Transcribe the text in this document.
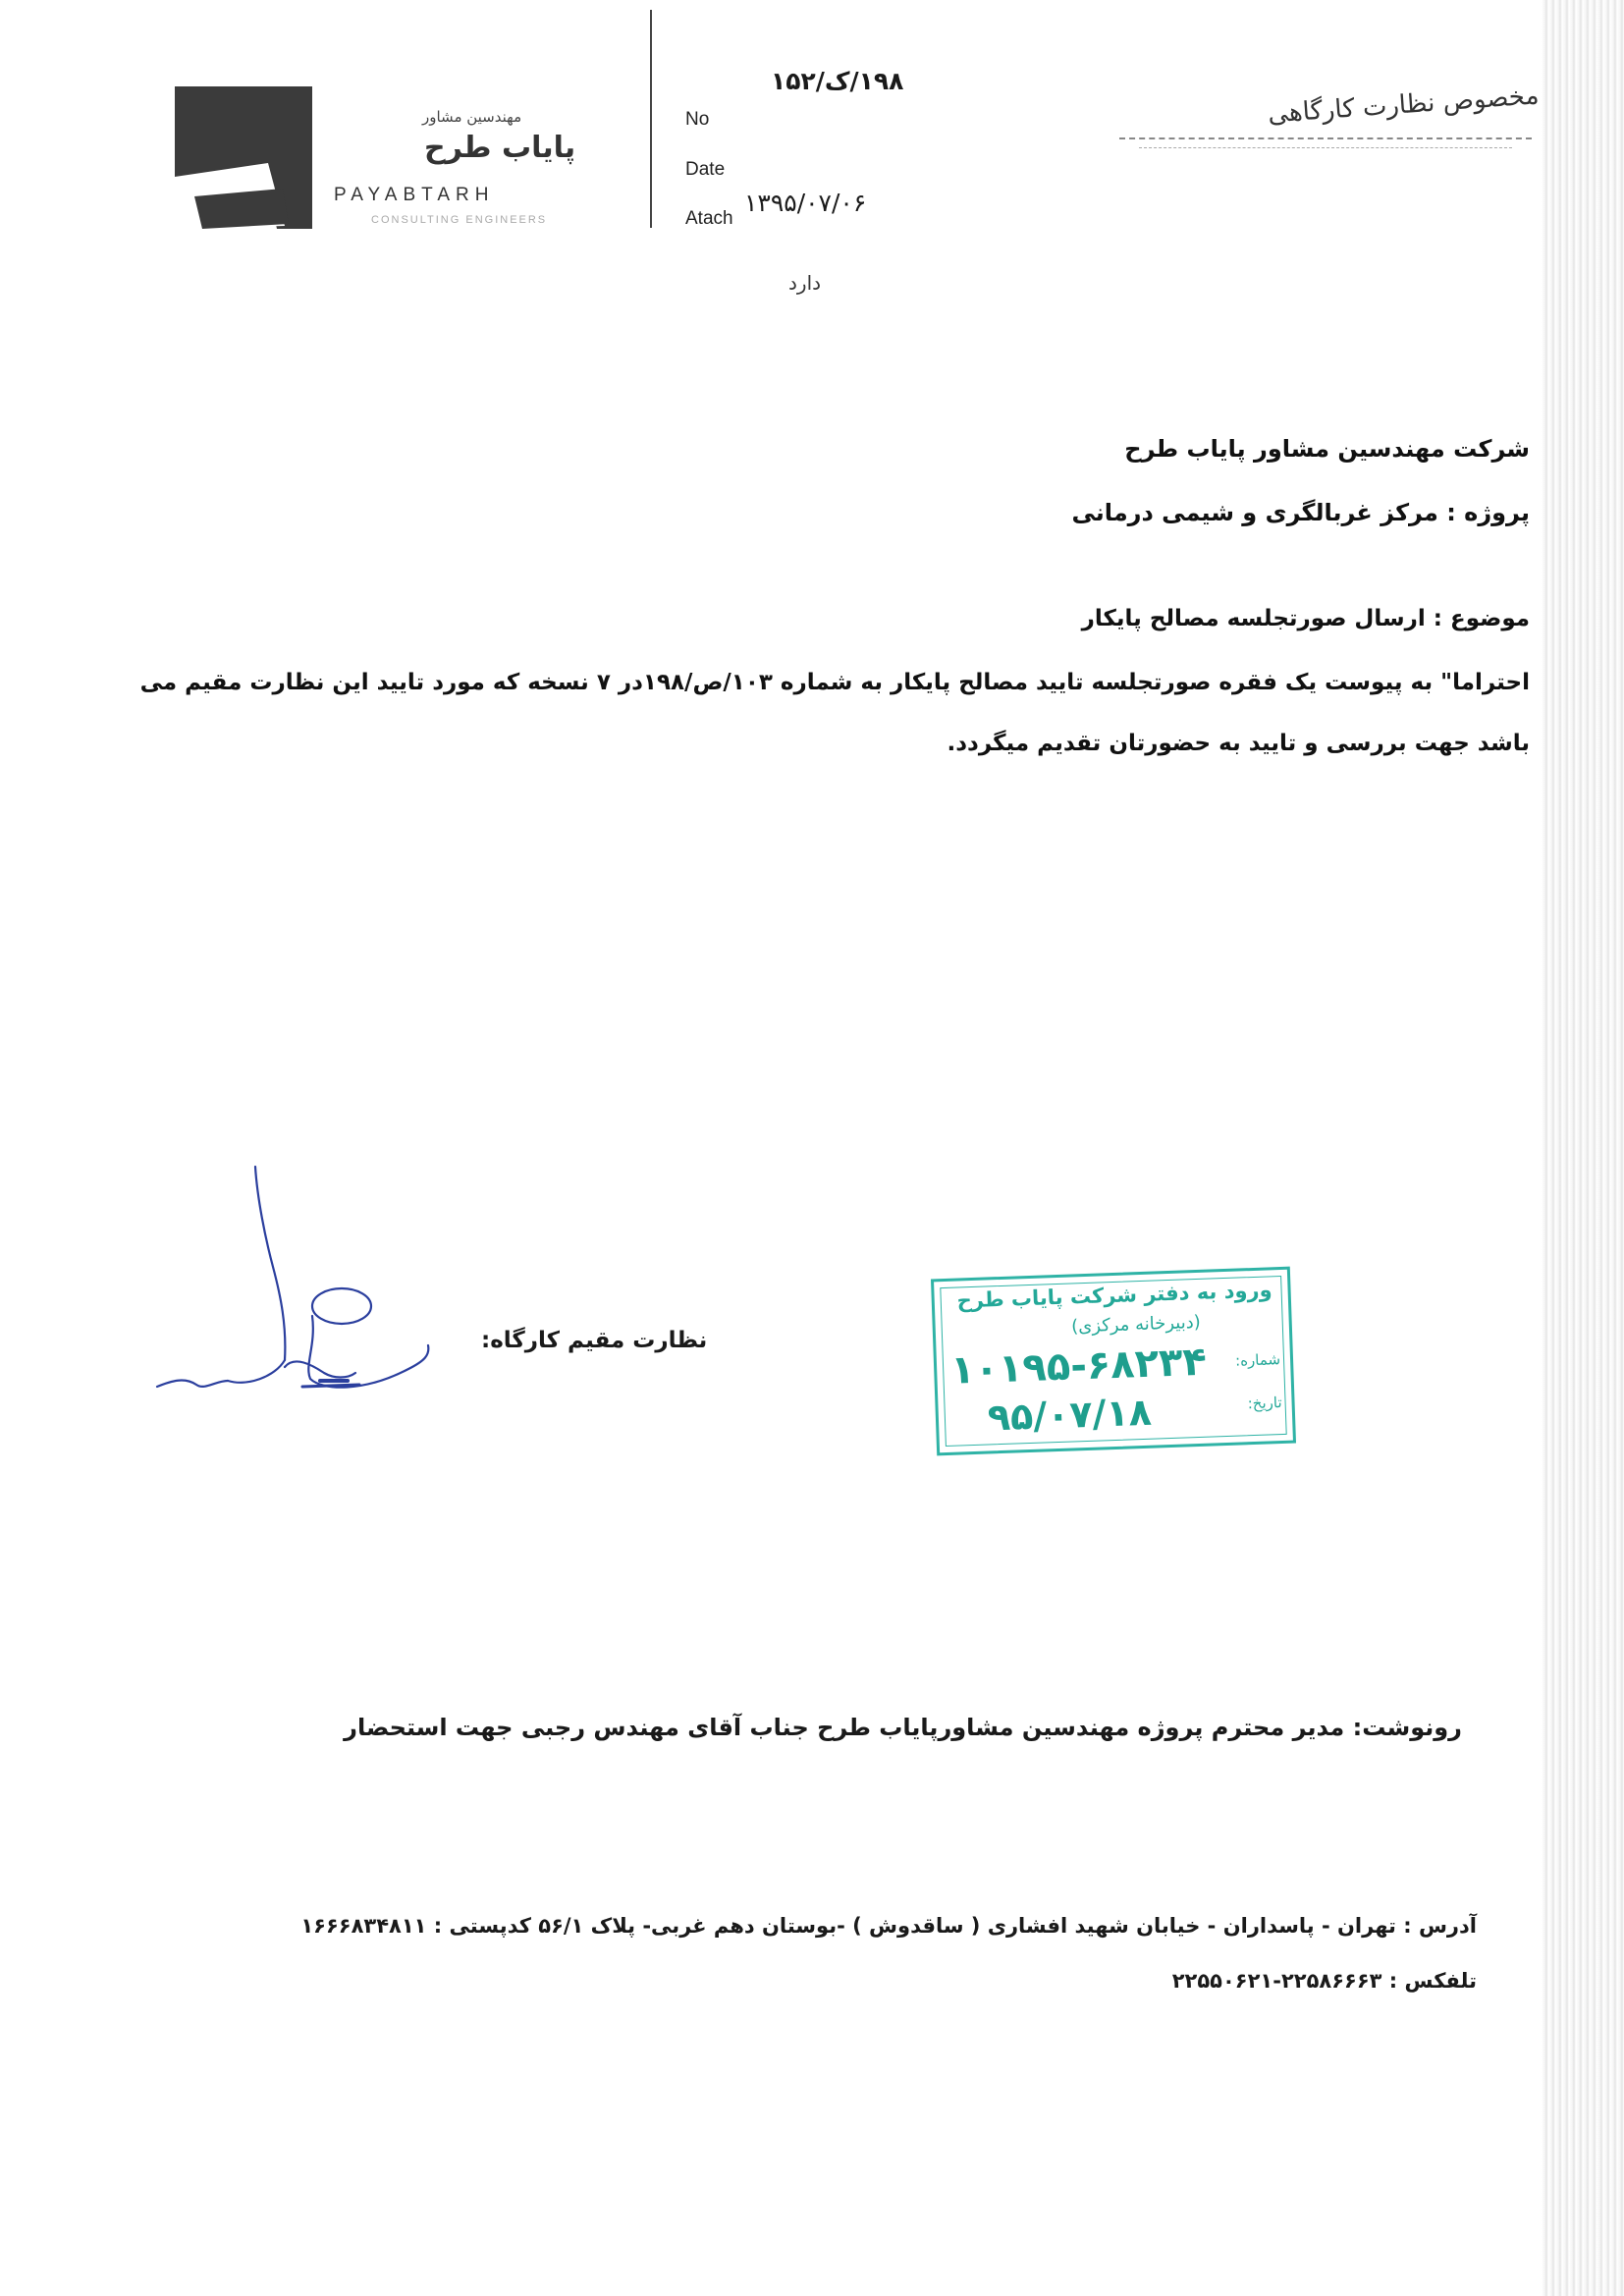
مهندسین مشاور
پایاب طرح
PAYABTARH
CONSULTING ENGINEERS
No
Date
Atach
۱۹۸/ک/۱۵۲
۱۳۹۵/۰۷/۰۶
دارد
مخصوص نظارت کارگاهی
شرکت مهندسین مشاور پایاب طرح
پروژه : مرکز غربالگری و شیمی درمانی
موضوع : ارسال صورتجلسه مصالح پایکار
احتراما" به پیوست یک فقره صورتجلسه تایید مصالح پایکار به شماره ۱۰۳/ص/۱۹۸در ۷ نسخه که مورد تایید این نظارت مقیم می
باشد جهت بررسی و تایید به حضورتان تقدیم میگردد.
نظارت مقیم کارگاه:
ورود به دفتر شرکت پایاب طرح
(دبیرخانه مرکزی)
شماره:
تاریخ:
۱۰۱۹۵-۶۸۲۳۴
۹۵/۰۷/۱۸
رونوشت: مدیر محترم پروژه مهندسین مشاورپایاب طرح جناب آقای مهندس رجبی جهت استحضار
آدرس : تهران - پاسداران - خیابان شهید افشاری ( ساقدوش ) -بوستان دهم غربی- پلاک ۵۶/۱ کدپستی : ۱۶۶۶۸۳۴۸۱۱
تلفکس : ۲۲۵۸۶۶۶۳-۲۲۵۵۰۶۲۱
